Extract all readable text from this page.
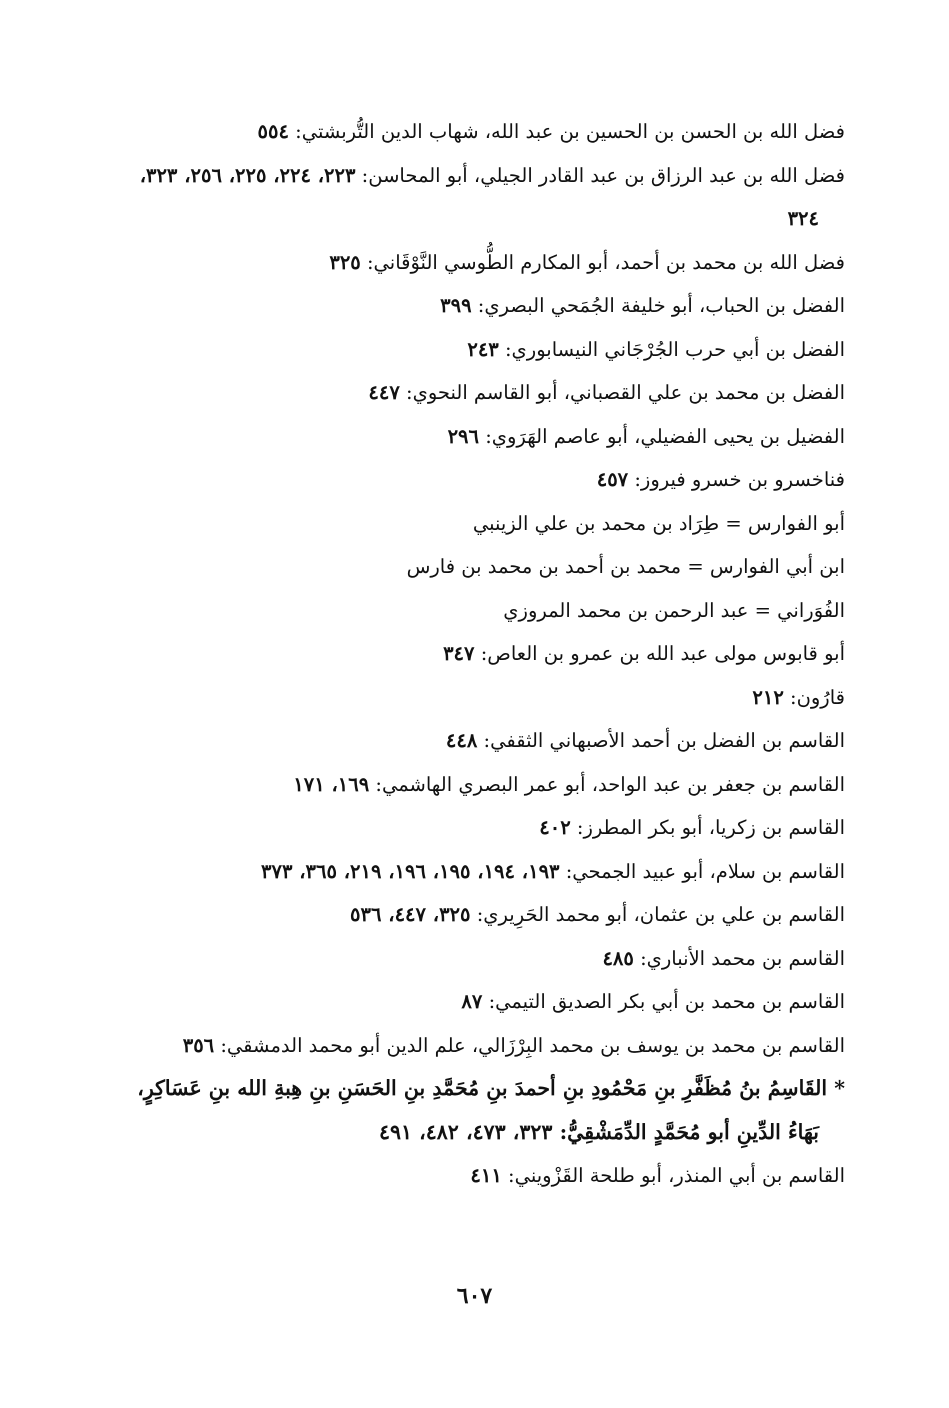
فضل الله بن الحسن بن الحسين بن عبد الله، شهاب الدين التُّربشتي: ٥٥٤

فضل الله بن عبد الرزاق بن عبد القادر الجيلي، أبو المحاسن: ٢٢٣، ٢٢٤، ٢٢٥، ٢٥٦، ٣٢٣، ٣٢٤

فضل الله بن محمد بن أحمد، أبو المكارم الطُّوسي النَّوْقَاني: ٣٢٥

الفضل بن الحباب، أبو خليفة الجُمَحي البصري: ٣٩٩

الفضل بن أبي حرب الجُرْجَاني النيسابوري: ٢٤٣

الفضل بن محمد بن علي القصباني، أبو القاسم النحوي: ٤٤٧

الفضيل بن يحيى الفضيلي، أبو عاصم الهَرَوي: ٢٩٦

فناخسرو بن خسرو فيروز: ٤٥٧

أبو الفوارس = طِرَاد بن محمد بن علي الزينبي

ابن أبي الفوارس = محمد بن أحمد بن محمد بن فارس

الفُوَراني = عبد الرحمن بن محمد المروزي

أبو قابوس مولى عبد الله بن عمرو بن العاص: ٣٤٧

قارُون: ٢١٢

القاسم بن الفضل بن أحمد الأصبهاني الثقفي: ٤٤٨

القاسم بن جعفر بن عبد الواحد، أبو عمر البصري الهاشمي: ١٦٩، ١٧١

القاسم بن زكريا، أبو بكر المطرز: ٤٠٢

القاسم بن سلام، أبو عبيد الجمحي: ١٩٣، ١٩٤، ١٩٥، ١٩٦، ٢١٩، ٣٦٥، ٣٧٣

القاسم بن علي بن عثمان، أبو محمد الحَرِيري: ٣٢٥، ٤٤٧، ٥٣٦

القاسم بن محمد الأنباري: ٤٨٥

القاسم بن محمد بن أبي بكر الصديق التيمي: ٨٧

القاسم بن محمد بن يوسف بن محمد البِرْزَالي، علم الدين أبو محمد الدمشقي: ٣٥٦

* القَاسِمُ بنُ مُظَفَّرِ بنِ مَحْمُودِ بنِ أحمدَ بنِ مُحَمَّدِ بنِ الحَسَنِ بنِ هِبةِ الله بنِ عَسَاكِرٍ، بَهَاءُ الدِّينِ أبو مُحَمَّدٍ الدِّمَشْقِيُّ: ٣٢٣، ٤٧٣، ٤٨٢، ٤٩١

القاسم بن أبي المنذر، أبو طلحة القَزْويني: ٤١١

٦٠٧
